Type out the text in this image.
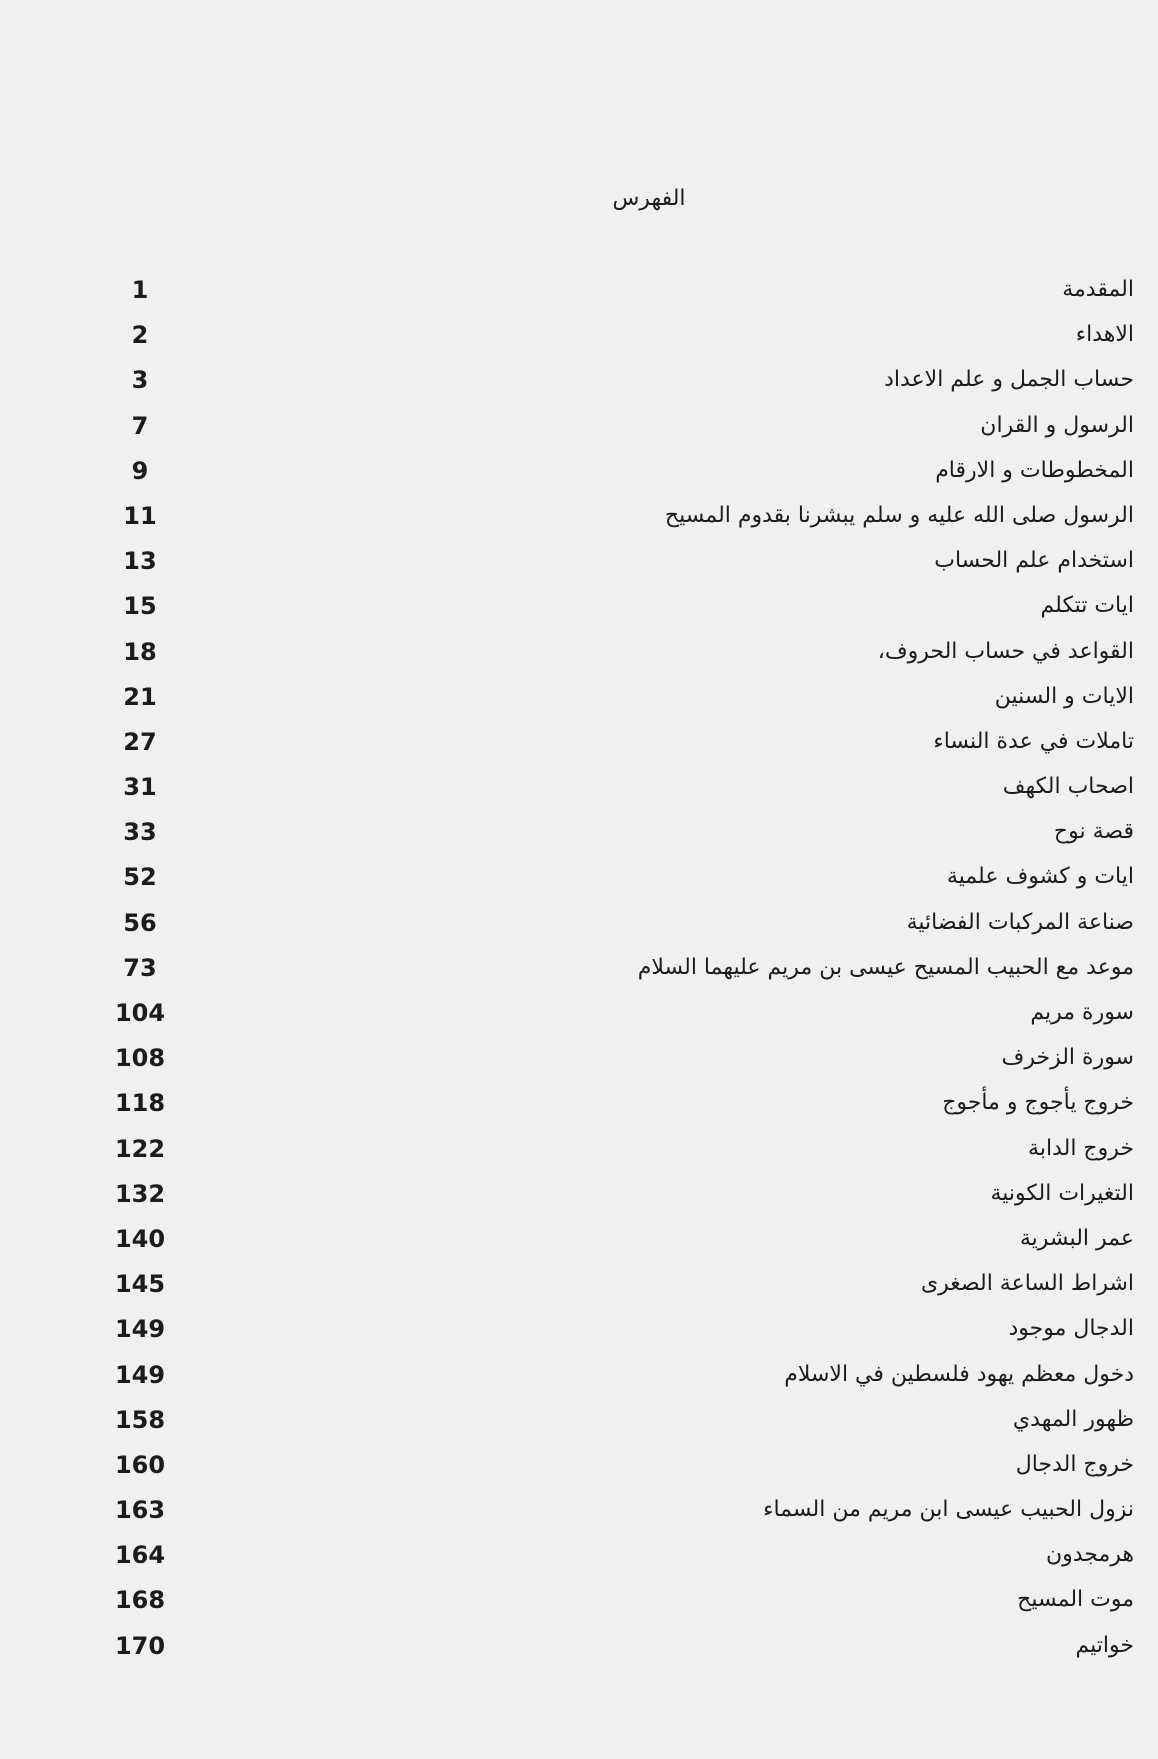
الفهرس
المقدمة
1
الاهداء
2
حساب الجمل و علم الاعداد
3
الرسول و القران
7
المخطوطات و الارقام
9
الرسول صلى الله عليه و سلم يبشرنا بقدوم المسيح
11
استخدام علم الحساب
13
ايات تتكلم
15
القواعد في حساب الحروف،
18
الايات و السنين
21
تاملات في عدة النساء
27
اصحاب الكهف
31
قصة نوح
33
ايات و كشوف علمية
52
صناعة المركبات الفضائية
56
موعد مع الحبيب المسيح عيسى بن مريم عليهما السلام
73
سورة مريم
104
سورة الزخرف
108
خروج يأجوج و مأجوج
118
خروج الدابة
122
التغيرات الكونية
132
عمر البشرية
140
اشراط الساعة الصغرى
145
الدجال موجود
149
دخول معظم يهود فلسطين في الاسلام
149
ظهور المهدي
158
خروج الدجال
160
نزول الحبيب عيسى ابن مريم من السماء
163
هرمجدون
164
موت المسيح
168
خواتيم
170
